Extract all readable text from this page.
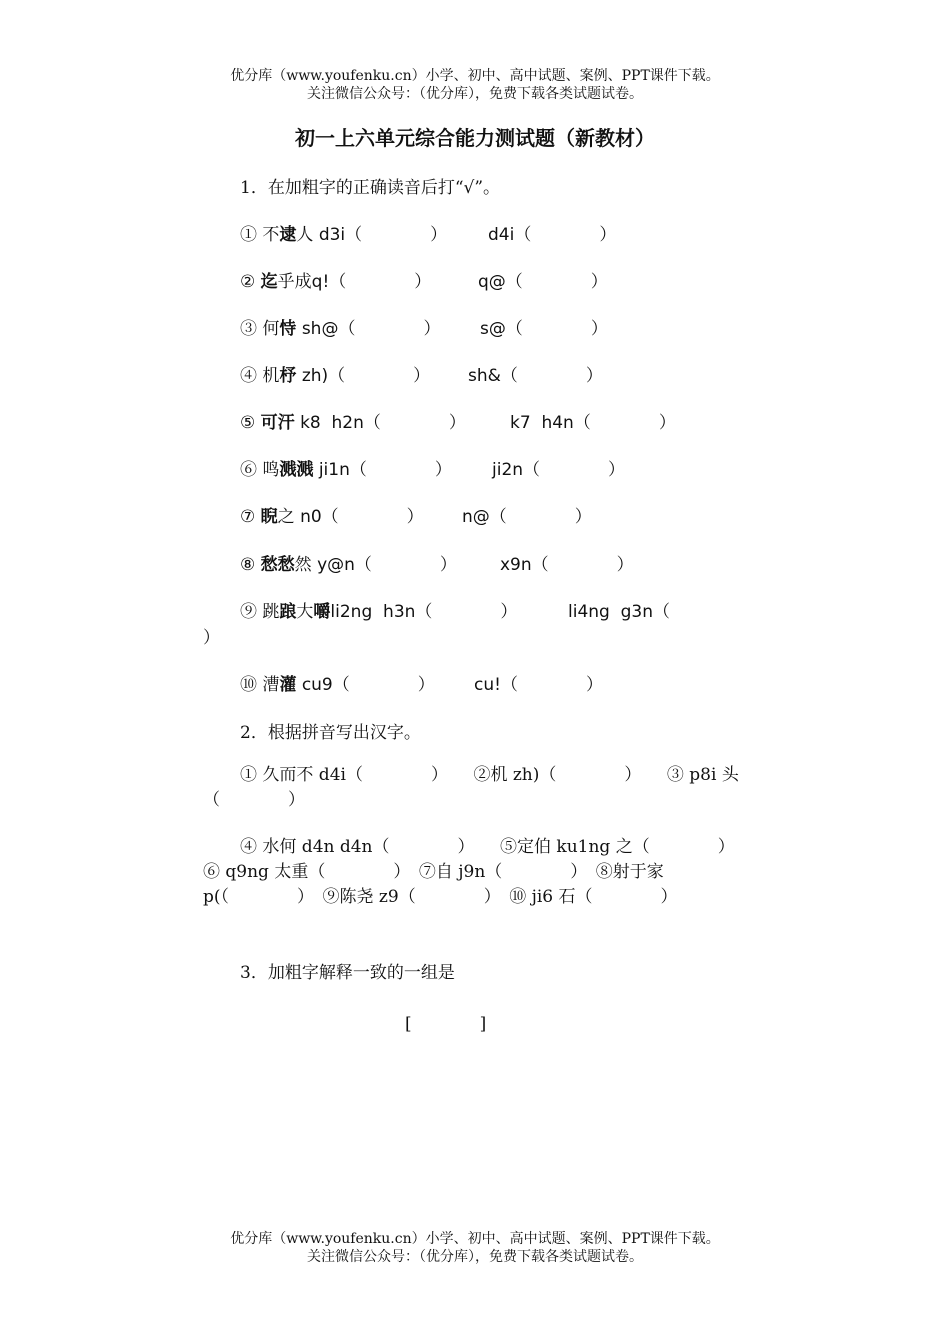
优分库（www.youfenku.cn）小学、初中、高中试题、案例、PPT课件下载。
关注微信公众号：（优分库），免费下载各类试题试卷。
初一上六单元综合能力测试题（新教材）
1．在加粗字的正确读音后打“√”。
① 不逮人 d3i（	） d4i（	）
② 迄乎成q!（	）	q@（	）
③ 何恃 sh@（	） s@（	）
④ 机杼 zh)（	） sh&（	）
⑤ 可汗 k8  h2n（	）	k7  h4n（	）
⑥ 鸣溅溅 ji1n（	） ji2n（	）
⑦ 睨之 n0（	） n@（	）
⑧ 愁愁然 y@n（	）	x9n（	）
⑨ 跳踉大嚼li2ng  h3n（	）	li4ng  g3n（
）
⑩ 漕灌 cu9（	） cu!（	）
2．根据拼音写出汉字。
① 久而不 d4i（　　　　）　　②机 zh)（　　　　）　　③ p8i 头（　　　　）
④ 水何 d4n d4n（　　　　）　　⑤定伯 ku1ng 之（　　　　）　⑥ q9ng 太重（　　　　）　⑦自 j9n（　　　　）　⑧射于家 p(（　　　　）　⑨陈尧 z9（　　　　）　⑩ ji6 石（　　　　）
3．加粗字解释一致的一组是
[　　　　]
优分库（www.youfenku.cn）小学、初中、高中试题、案例、PPT课件下载。
关注微信公众号：（优分库），免费下载各类试题试卷。
